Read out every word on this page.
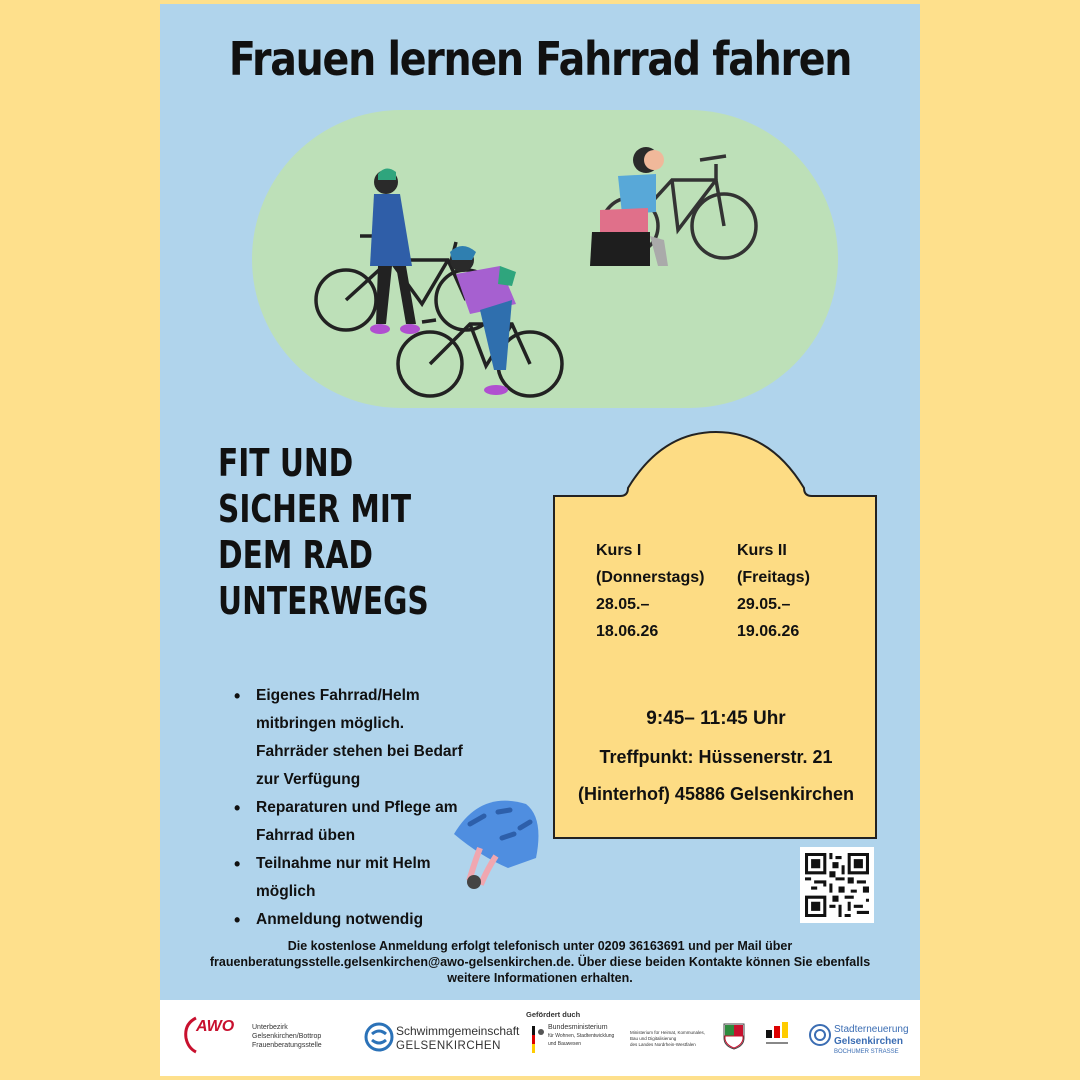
Frauen lernen Fahrrad fahren
FIT UND
SICHER MIT
DEM RAD
UNTERWEGS
• Eigenes Fahrrad/Helm mitbringen möglich. Fahrräder stehen bei Bedarf zur Verfügung
• Reparaturen und Pflege am Fahrrad üben
• Teilnahme nur mit Helm möglich
• Anmeldung notwendig
Kurs I
(Donnerstags)
28.05.–
18.06.26
Kurs II
(Freitags)
29.05.–
19.06.26
9:45– 11:45 Uhr
Treffpunkt: Hüssenerstr. 21
(Hinterhof) 45886 Gelsenkirchen
Die kostenlose Anmeldung erfolgt telefonisch unter 0209 36163691 und per Mail über frauenberatungsstelle.gelsenkirchen@awo-gelsenkirchen.de. Über diese beiden Kontakte können Sie ebenfalls weitere Informationen erhalten.
AWO	Unterbezirk
Gelsenkirchen/Bottrop
Frauenberatungsstelle
Schwimmgemeinschaft
GELSENKIRCHEN
Gefördert duch
Bundesministerium
für Wohnen, Stadtentwicklung
und Bauwesen
Ministerium für Heimat, Kommunales,
Bau und Digitalisierung
des Landes Nordrhein-Westfalen
Stadterneuerung
Gelsenkirchen
BOCHUMER STRASSE
